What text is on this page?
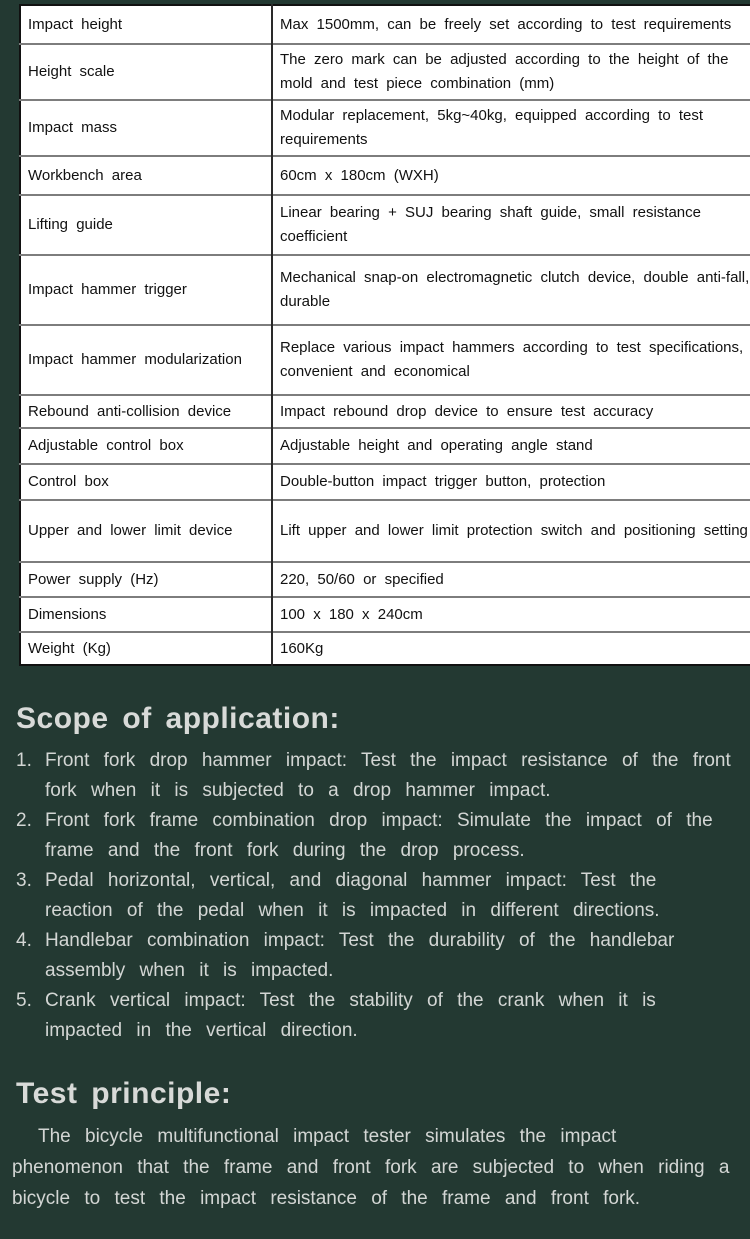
Impact height	Max 1500mm, can be freely set according to test requirements
Height scale	The zero mark can be adjusted according to the height of the mold and test piece combination (mm)
Impact mass	Modular replacement, 5kg~40kg, equipped according to test requirements
Workbench area	60cm x 180cm (WXH)
Lifting guide	Linear bearing + SUJ bearing shaft guide, small resistance coefficient
Impact hammer trigger	Mechanical snap-on electromagnetic clutch device, double anti-fall, durable
Impact hammer modularization	Replace various impact hammers according to test specifications, convenient and economical
Rebound anti-collision device	Impact rebound drop device to ensure test accuracy
Adjustable control box	Adjustable height and operating angle stand
Control box	Double-button impact trigger button, protection
Upper and lower limit device	Lift upper and lower limit protection switch and positioning setting
Power supply (Hz)	220, 50/60 or specified
Dimensions	100 x 180 x 240cm
Weight (Kg)	160Kg
Scope of application:
1. Front fork drop hammer impact: Test the impact resistance of the front fork when it is subjected to a drop hammer impact.
2. Front fork frame combination drop impact: Simulate the impact of the frame and the front fork during the drop process.
3. Pedal horizontal, vertical, and diagonal hammer impact: Test the reaction of the pedal when it is impacted in different directions.
4. Handlebar combination impact: Test the durability of the handlebar assembly when it is impacted.
5. Crank vertical impact: Test the stability of the crank when it is impacted in the vertical direction.
Test principle:

The bicycle multifunctional impact tester simulates the impact phenomenon that the frame and front fork are subjected to when riding a bicycle to test the impact resistance of the frame and front fork.
